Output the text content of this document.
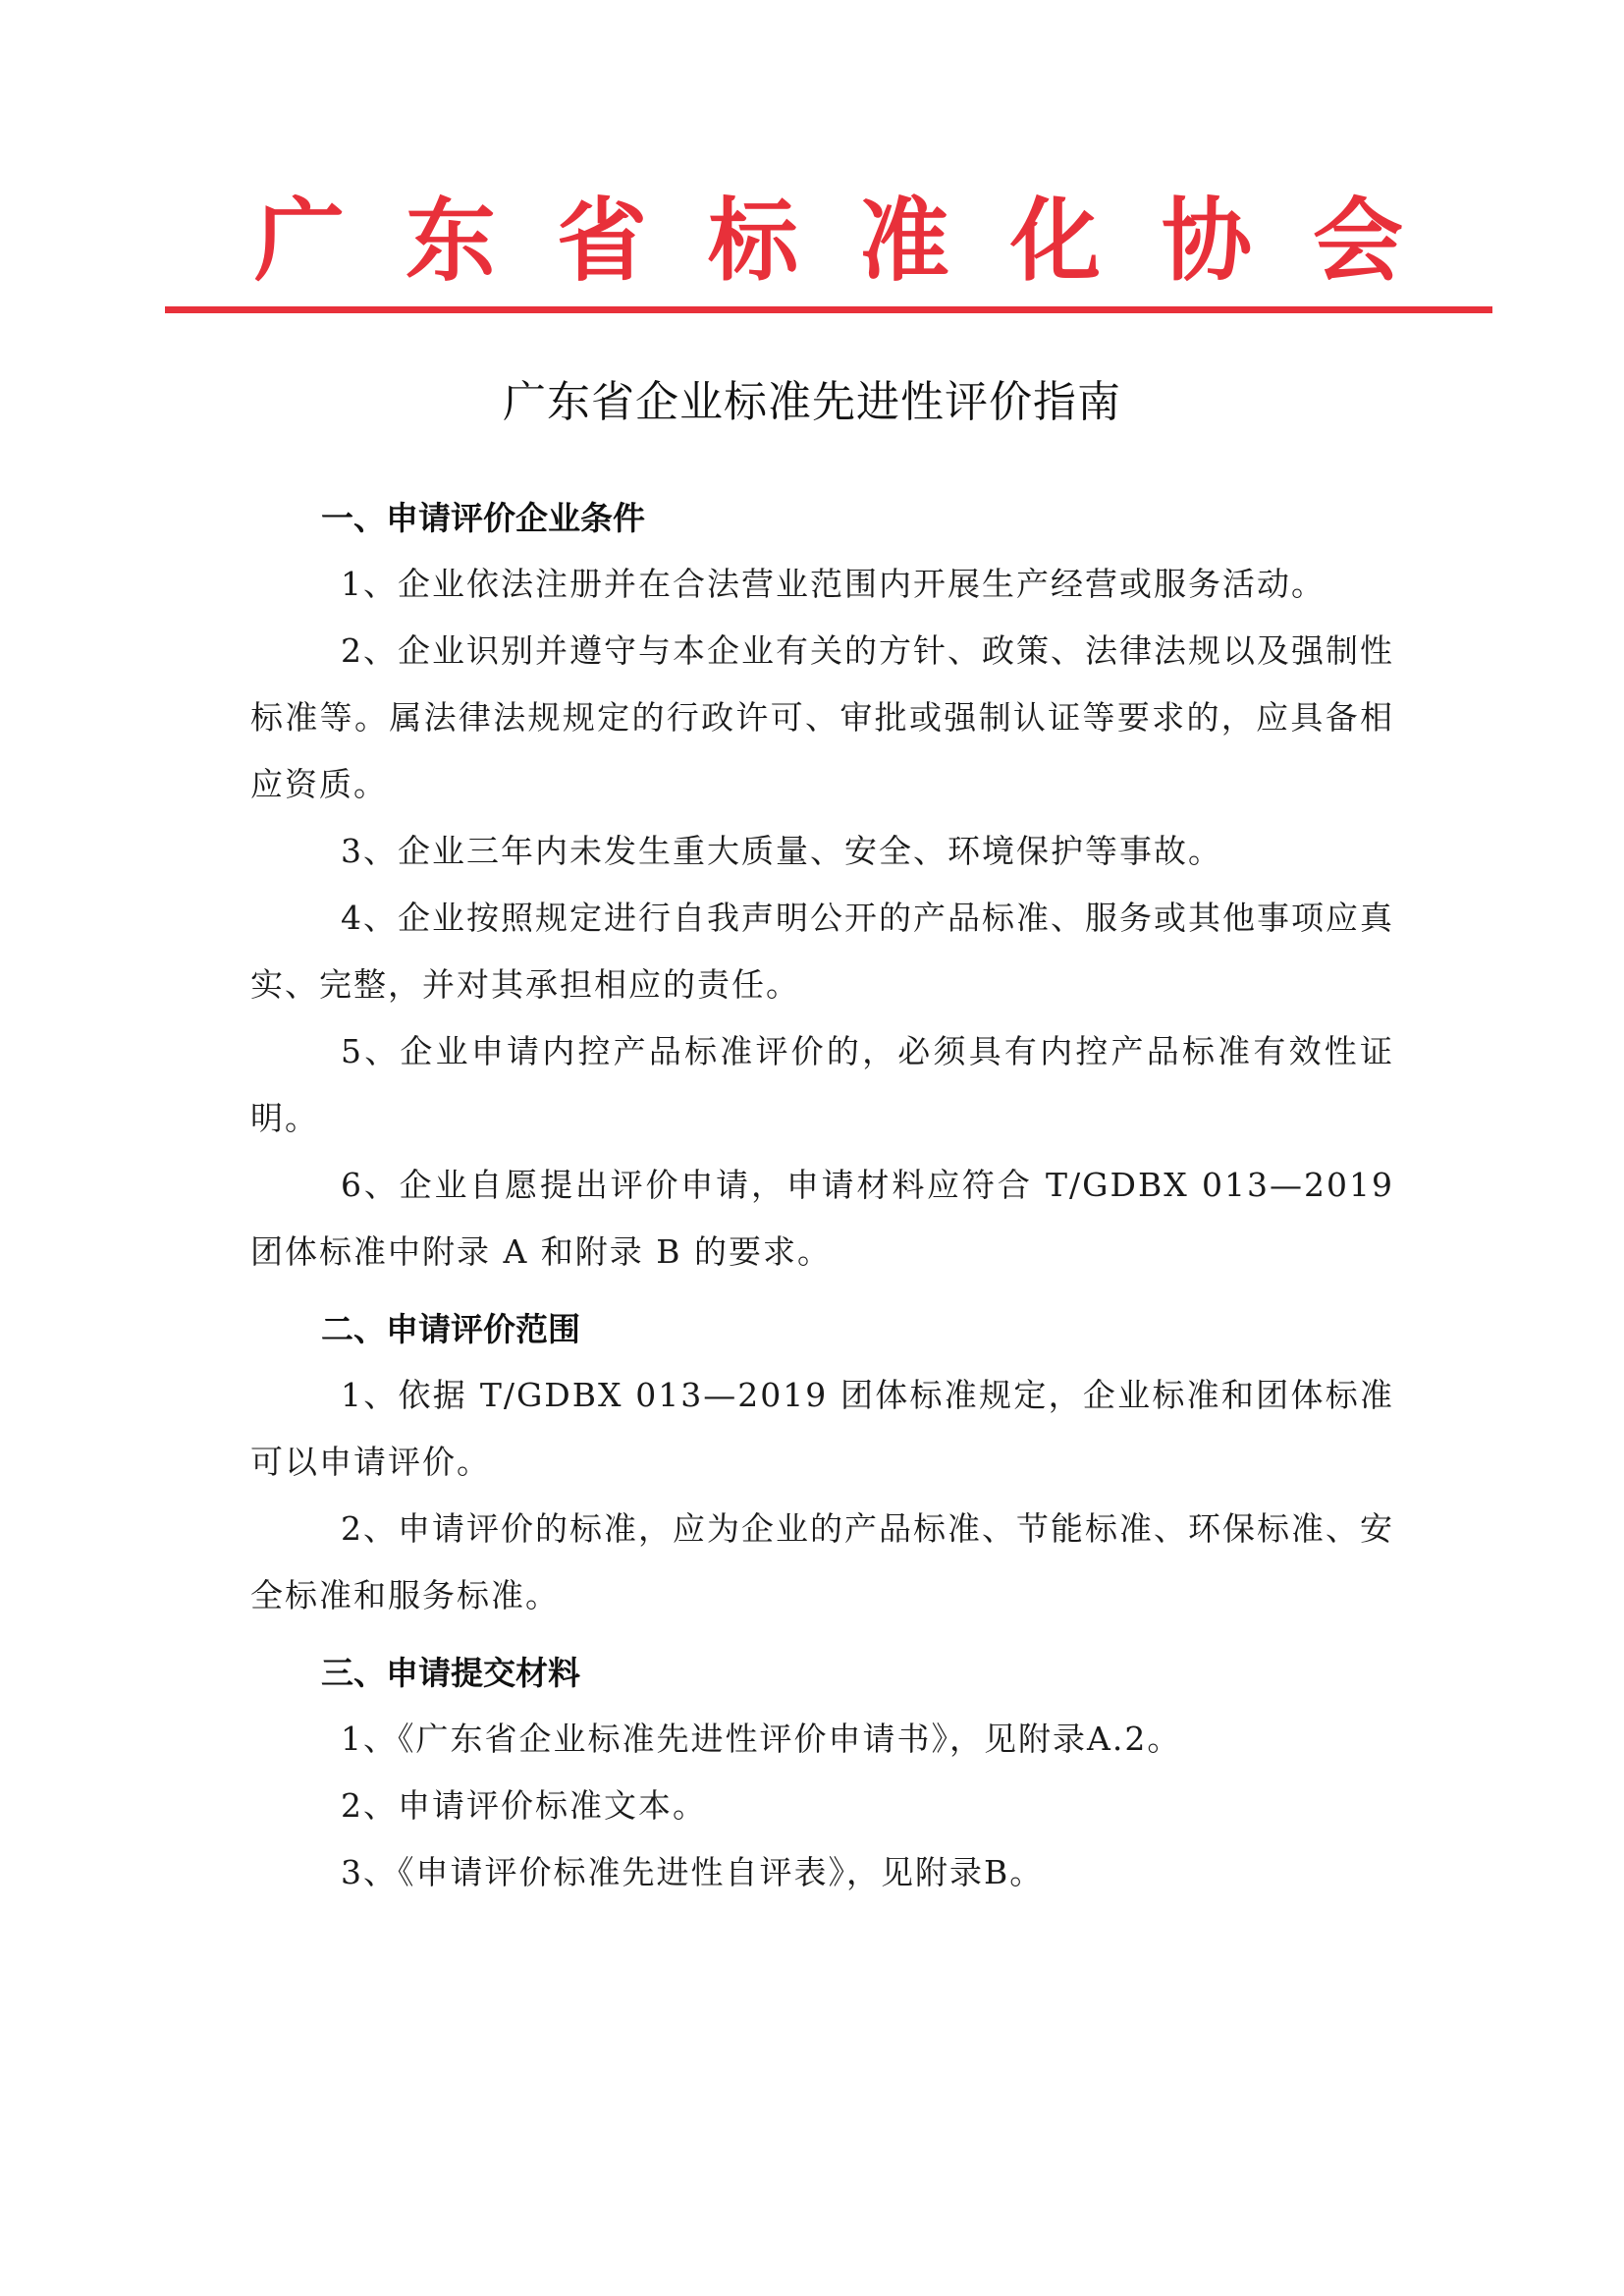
广东省标准化协会
广东省企业标准先进性评价指南
一、申请评价企业条件
1、企业依法注册并在合法营业范围内开展生产经营或服务活动。
2、企业识别并遵守与本企业有关的方针、政策、法律法规以及强制性标准等。属法律法规规定的行政许可、审批或强制认证等要求的，应具备相应资质。
3、企业三年内未发生重大质量、安全、环境保护等事故。
4、企业按照规定进行自我声明公开的产品标准、服务或其他事项应真实、完整，并对其承担相应的责任。
5、企业申请内控产品标准评价的，必须具有内控产品标准有效性证明。
6、企业自愿提出评价申请，申请材料应符合 T/GDBX 013—2019 团体标准中附录 A 和附录 B 的要求。
二、申请评价范围
1、依据 T/GDBX 013—2019 团体标准规定，企业标准和团体标准可以申请评价。
2、申请评价的标准，应为企业的产品标准、节能标准、环保标准、安全标准和服务标准。
三、申请提交材料
1、《广东省企业标准先进性评价申请书》，见附录A.2。
2、申请评价标准文本。
3、《申请评价标准先进性自评表》，见附录B。
